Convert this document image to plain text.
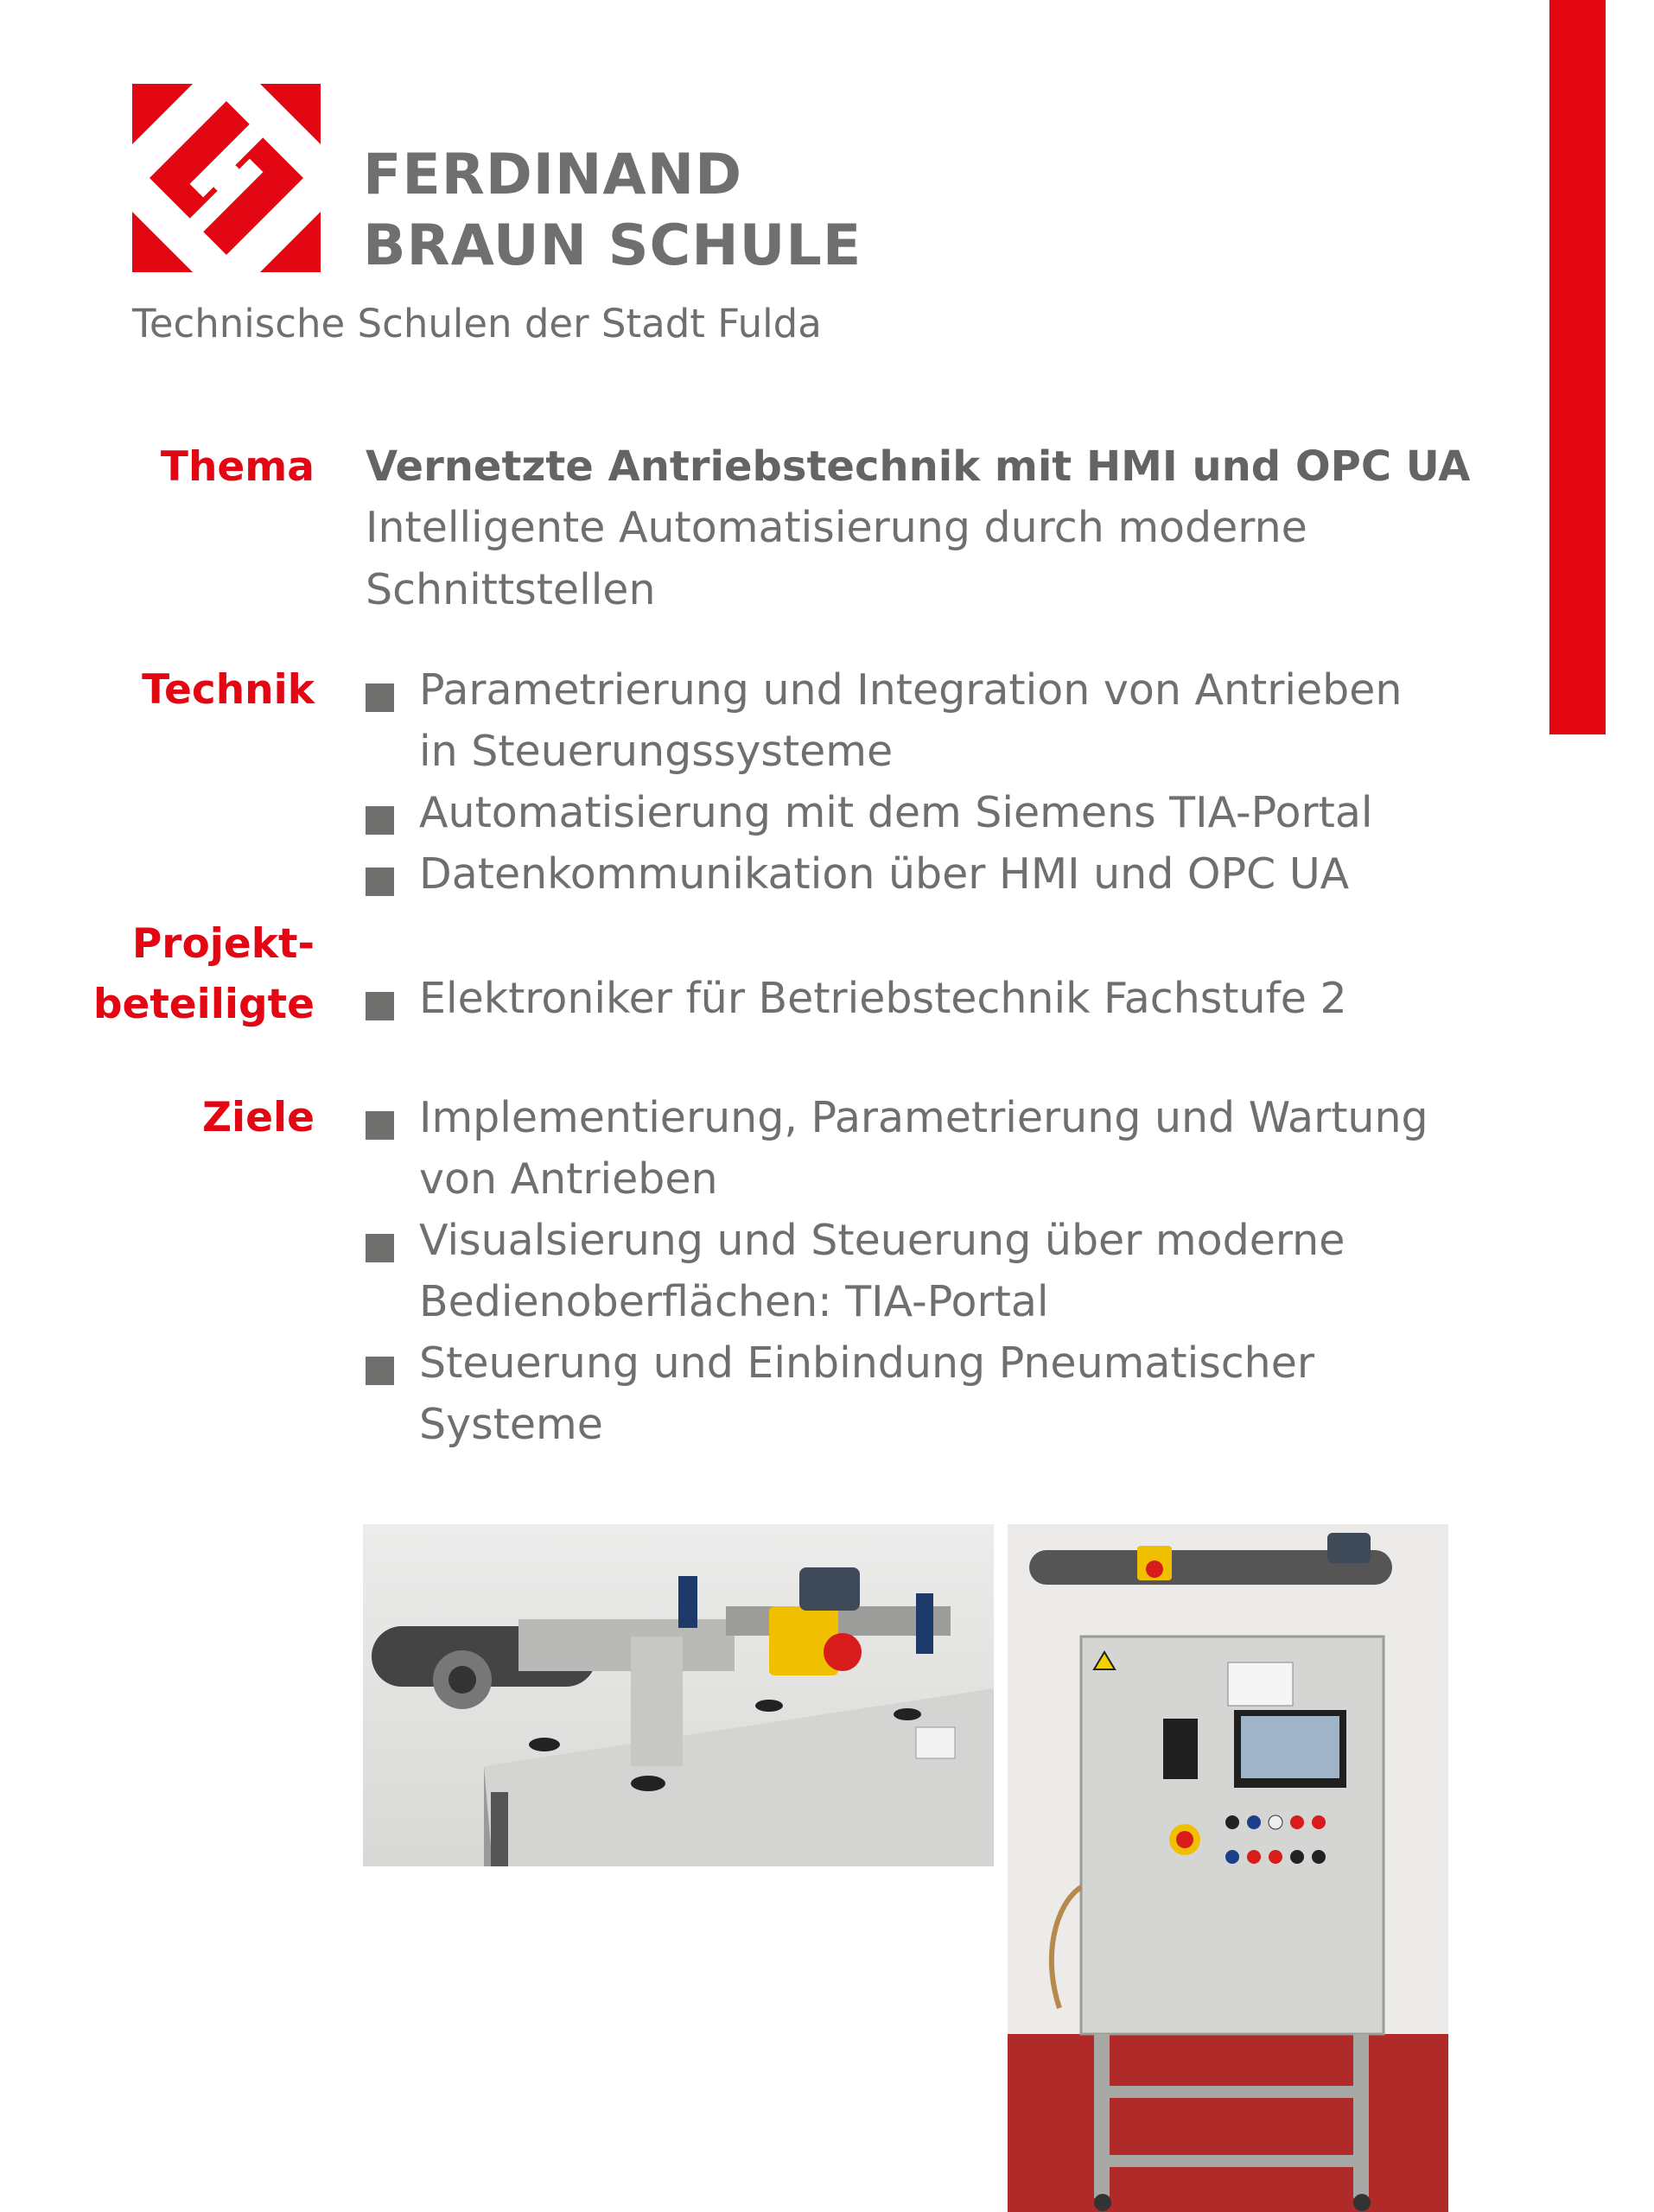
FERDINAND
BRAUN SCHULE
Technische Schulen der Stadt Fulda
Thema Vernetzte Antriebstechnik mit HMI und OPC UA
Intelligente Automatisierung durch moderne Schnittstellen
Technik	Parametrierung und Integration von Antrieben in Steuerungssysteme
Automatisierung mit dem Siemens TIA-Portal
Datenkommunikation über HMI und OPC UA
Projekt-
beteiligte	Elektroniker für Betriebstechnik Fachstufe 2
Ziele	Implementierung, Parametrierung und Wartung von Antrieben
Visualsierung und Steuerung über moderne Bedienoberflächen: TIA-Portal
Steuerung und Einbindung Pneumatischer Systeme
